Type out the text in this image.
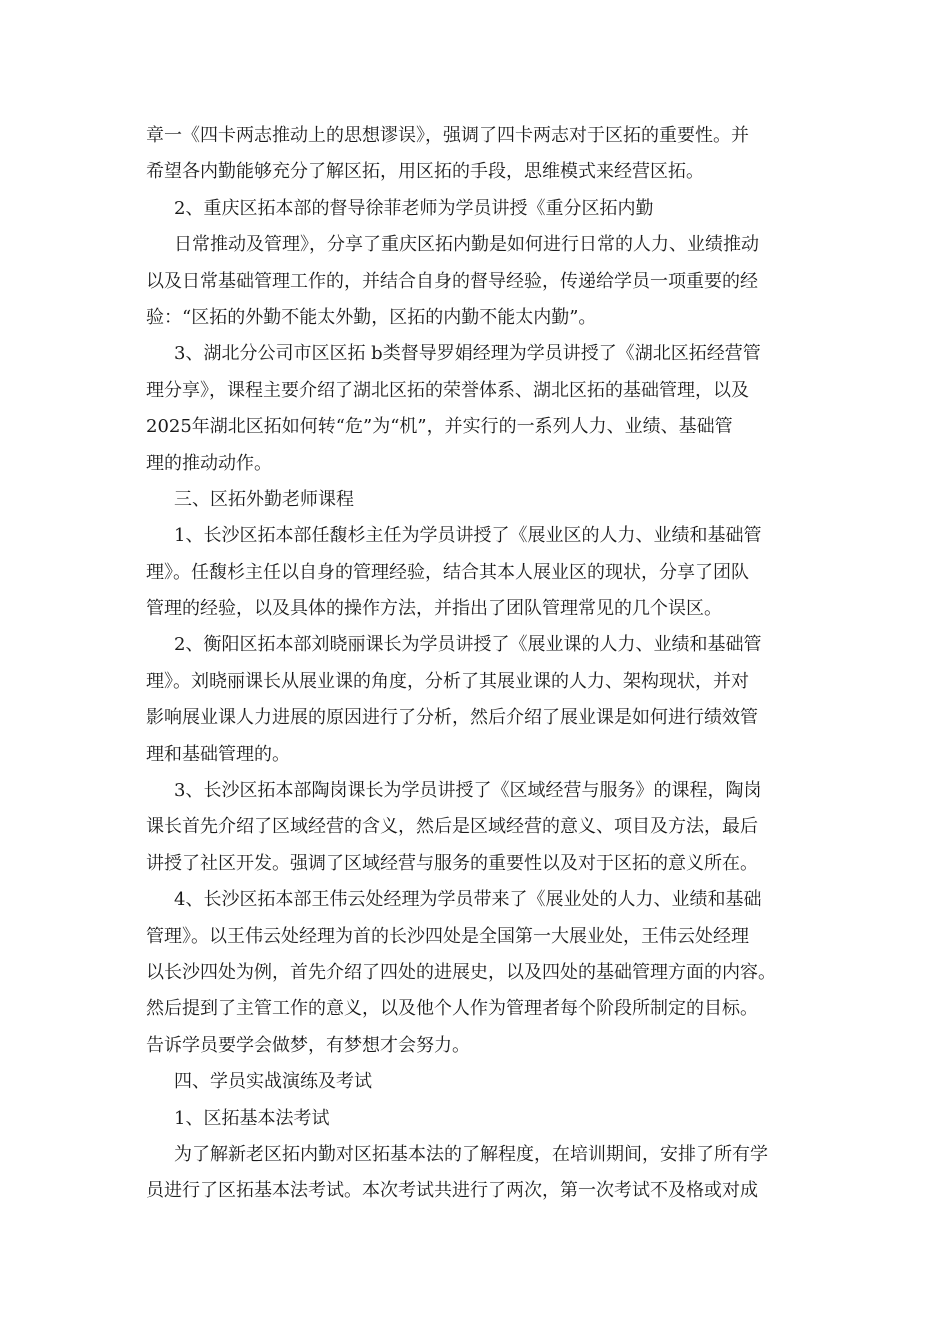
章一《四卡两志推动上的思想谬误》，强调了四卡两志对于区拓的重要性。并
希望各内勤能够充分了解区拓，用区拓的手段，思维模式来经营区拓。
2、重庆区拓本部的督导徐菲老师为学员讲授《重分区拓内勤
日常推动及管理》，分享了重庆区拓内勤是如何进行日常的人力、业绩推动
以及日常基础管理工作的，并结合自身的督导经验，传递给学员一项重要的经
验：“区拓的外勤不能太外勤，区拓的内勤不能太内勤”。
3、湖北分公司市区区拓 b类督导罗娟经理为学员讲授了《湖北区拓经营管
理分享》，课程主要介绍了湖北区拓的荣誉体系、湖北区拓的基础管理，以及
2025年湖北区拓如何转“危”为“机”，并实行的一系列人力、业绩、基础管
理的推动动作。
三、区拓外勤老师课程
1、长沙区拓本部任馥杉主任为学员讲授了《展业区的人力、业绩和基础管
理》。任馥杉主任以自身的管理经验，结合其本人展业区的现状，分享了团队
管理的经验，以及具体的操作方法，并指出了团队管理常见的几个误区。
2、衡阳区拓本部刘晓丽课长为学员讲授了《展业课的人力、业绩和基础管
理》。刘晓丽课长从展业课的角度，分析了其展业课的人力、架构现状，并对
影响展业课人力进展的原因进行了分析，然后介绍了展业课是如何进行绩效管
理和基础管理的。
3、长沙区拓本部陶岗课长为学员讲授了《区域经营与服务》的课程，陶岗
课长首先介绍了区域经营的含义，然后是区域经营的意义、项目及方法，最后
讲授了社区开发。强调了区域经营与服务的重要性以及对于区拓的意义所在。
4、长沙区拓本部王伟云处经理为学员带来了《展业处的人力、业绩和基础
管理》。以王伟云处经理为首的长沙四处是全国第一大展业处，王伟云处经理
以长沙四处为例，首先介绍了四处的进展史，以及四处的基础管理方面的内容。
然后提到了主管工作的意义，以及他个人作为管理者每个阶段所制定的目标。
告诉学员要学会做梦，有梦想才会努力。
四、学员实战演练及考试
1、区拓基本法考试
为了解新老区拓内勤对区拓基本法的了解程度，在培训期间，安排了所有学
员进行了区拓基本法考试。本次考试共进行了两次，第一次考试不及格或对成
